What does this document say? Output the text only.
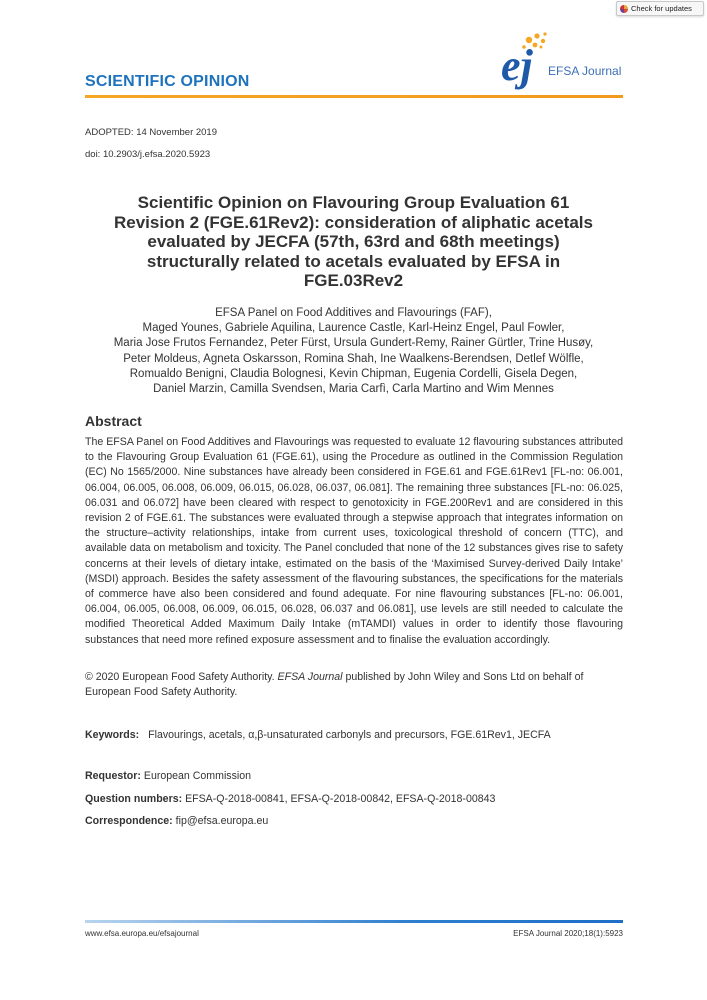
Check for updates
SCIENTIFIC OPINION	ej EFSA Journal
ADOPTED: 14 November 2019
doi: 10.2903/j.efsa.2020.5923
Scientific Opinion on Flavouring Group Evaluation 61 Revision 2 (FGE.61Rev2): consideration of aliphatic acetals evaluated by JECFA (57th, 63rd and 68th meetings) structurally related to acetals evaluated by EFSA in FGE.03Rev2
EFSA Panel on Food Additives and Flavourings (FAF),
Maged Younes, Gabriele Aquilina, Laurence Castle, Karl-Heinz Engel, Paul Fowler,
Maria Jose Frutos Fernandez, Peter Fürst, Ursula Gundert-Remy, Rainer Gürtler, Trine Husøy,
Peter Moldeus, Agneta Oskarsson, Romina Shah, Ine Waalkens-Berendsen, Detlef Wölfle,
Romualdo Benigni, Claudia Bolognesi, Kevin Chipman, Eugenia Cordelli, Gisela Degen,
Daniel Marzin, Camilla Svendsen, Maria Carfì, Carla Martino and Wim Mennes
Abstract

The EFSA Panel on Food Additives and Flavourings was requested to evaluate 12 flavouring substances attributed to the Flavouring Group Evaluation 61 (FGE.61), using the Procedure as outlined in the Commission Regulation (EC) No 1565/2000. Nine substances have already been considered in FGE.61 and FGE.61Rev1 [FL-no: 06.001, 06.004, 06.005, 06.008, 06.009, 06.015, 06.028, 06.037, 06.081]. The remaining three substances [FL-no: 06.025, 06.031 and 06.072] have been cleared with respect to genotoxicity in FGE.200Rev1 and are considered in this revision 2 of FGE.61. The substances were evaluated through a stepwise approach that integrates information on the structure–activity relationships, intake from current uses, toxicological threshold of concern (TTC), and available data on metabolism and toxicity. The Panel concluded that none of the 12 substances gives rise to safety concerns at their levels of dietary intake, estimated on the basis of the ‘Maximised Survey-derived Daily Intake’ (MSDI) approach. Besides the safety assessment of the flavouring substances, the specifications for the materials of commerce have also been considered and found adequate. For nine flavouring substances [FL-no: 06.001, 06.004, 06.005, 06.008, 06.009, 06.015, 06.028, 06.037 and 06.081], use levels are still needed to calculate the modified Theoretical Added Maximum Daily Intake (mTAMDI) values in order to identify those flavouring substances that need more refined exposure assessment and to finalise the evaluation accordingly.

© 2020 European Food Safety Authority. EFSA Journal published by John Wiley and Sons Ltd on behalf of European Food Safety Authority.

Keywords: Flavourings, acetals, α,β-unsaturated carbonyls and precursors, FGE.61Rev1, JECFA
Requestor: European Commission
Question numbers: EFSA-Q-2018-00841, EFSA-Q-2018-00842, EFSA-Q-2018-00843
Correspondence: fip@efsa.europa.eu
www.efsa.europa.eu/efsajournal	EFSA Journal 2020;18(1):5923
